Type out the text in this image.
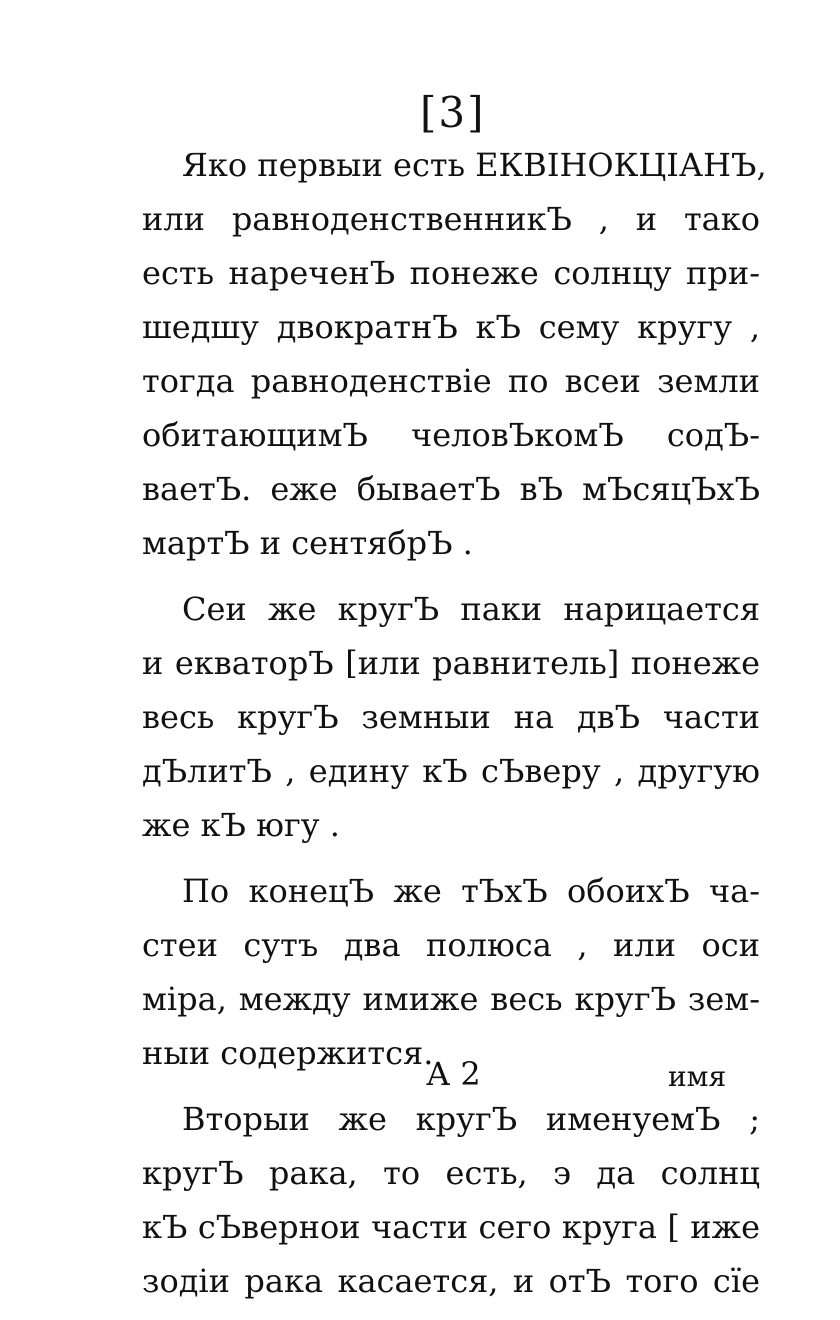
[3]
Яко первыи есть ЕКВІНОКЦІАНЪ,
или равноденственникЪ , и тако
есть нареченЪ понеже солнцу при-
шедшу двократнЪ кЪ сему кругу ,
тогда равноденствіе по всеи земли
обитающимЪ человЪкомЪ содЪ-
ваетЪ. еже бываетЪ вЪ мЪсяцЪхЪ
мартЪ и сентябрЪ .
Сеи же кругЪ паки нарицается
и екваторЪ [или равнитель] понеже
весь кругЪ земныи на двЪ части
дЪлитЪ , едину кЪ сЪверу , другую
же кЪ югу .
По конецЪ же тЪхЪ обоихЪ ча-
стеи сутъ два полюса , или оси
міра, между имиже весь кругЪ зем-
ныи содержится.
Вторыи же кругЪ именуемЪ ;
кругЪ рака, то есть, э да солнц
кЪ сЪвернои части сего круга [ иже
зодіи рака касается, и отЪ того сїе
А 2	имя
